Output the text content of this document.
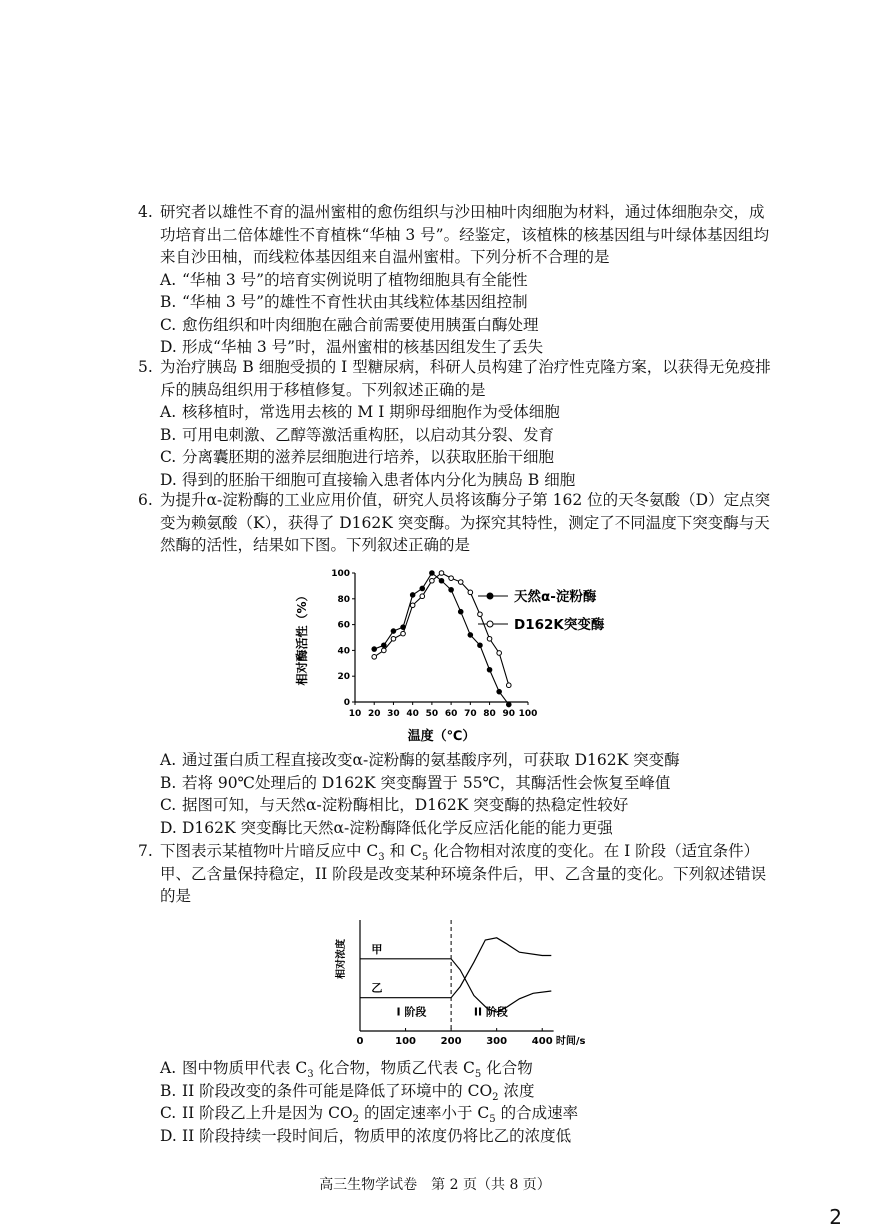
4. 研究者以雄性不育的温州蜜柑的愈伤组织与沙田柚叶肉细胞为材料，通过体细胞杂交，成功培育出二倍体雄性不育植株“华柚 3 号”。经鉴定，该植株的核基因组与叶绿体基因组均来自沙田柚，而线粒体基因组来自温州蜜柑。下列分析不合理的是
A. “华柚 3 号”的培育实例说明了植物细胞具有全能性
B. “华柚 3 号”的雄性不育性状由其线粒体基因组控制
C. 愈伤组织和叶肉细胞在融合前需要使用胰蛋白酶处理
D. 形成“华柚 3 号”时，温州蜜柑的核基因组发生了丢失
5. 为治疗胰岛 B 细胞受损的 I 型糖尿病，科研人员构建了治疗性克隆方案，以获得无免疫排斥的胰岛组织用于移植修复。下列叙述正确的是
A. 核移植时，常选用去核的 M I 期卵母细胞作为受体细胞
B. 可用电刺激、乙醇等激活重构胚，以启动其分裂、发育
C. 分离囊胚期的滋养层细胞进行培养，以获取胚胎干细胞
D. 得到的胚胎干细胞可直接输入患者体内分化为胰岛 B 细胞
6. 为提升α-淀粉酶的工业应用价值，研究人员将该酶分子第 162 位的天冬氨酸（D）定点突变为赖氨酸（K），获得了 D162K 突变酶。为探究其特性，测定了不同温度下突变酶与天然酶的活性，结果如下图。下列叙述正确的是
10 20 30 40 50 60 70 80 90 100
0
20
40
60
80
100
温度（℃）
相对酶活性（%）	天然α-淀粉酶
D162K突变酶
A. 通过蛋白质工程直接改变α-淀粉酶的氨基酸序列，可获取 D162K 突变酶
B. 若将 90℃处理后的 D162K 突变酶置于 55℃，其酶活性会恢复至峰值
C. 据图可知，与天然α-淀粉酶相比，D162K 突变酶的热稳定性较好
D. D162K 突变酶比天然α-淀粉酶降低化学反应活化能的能力更强
7. 下图表示某植物叶片暗反应中 $C_3$ 和 $C_5$ 化合物相对浓度的变化。在 I 阶段（适宜条件）甲、乙含量保持稳定，II 阶段是改变某种环境条件后，甲、乙含量的变化。下列叙述错误的是
0	100 200 300 400 时间/s
相对浓度 甲
乙
I 阶段	II 阶段
A. 图中物质甲代表 $C_3$ 化合物，物质乙代表 $C_5$ 化合物
B. II 阶段改变的条件可能是降低了环境中的 $CO_2$ 浓度
C. II 阶段乙上升是因为 $CO_2$ 的固定速率小于 $C_5$ 的合成速率
D. II 阶段持续一段时间后，物质甲的浓度仍将比乙的浓度低
高三生物学试卷　第 2 页（共 8 页）
2
